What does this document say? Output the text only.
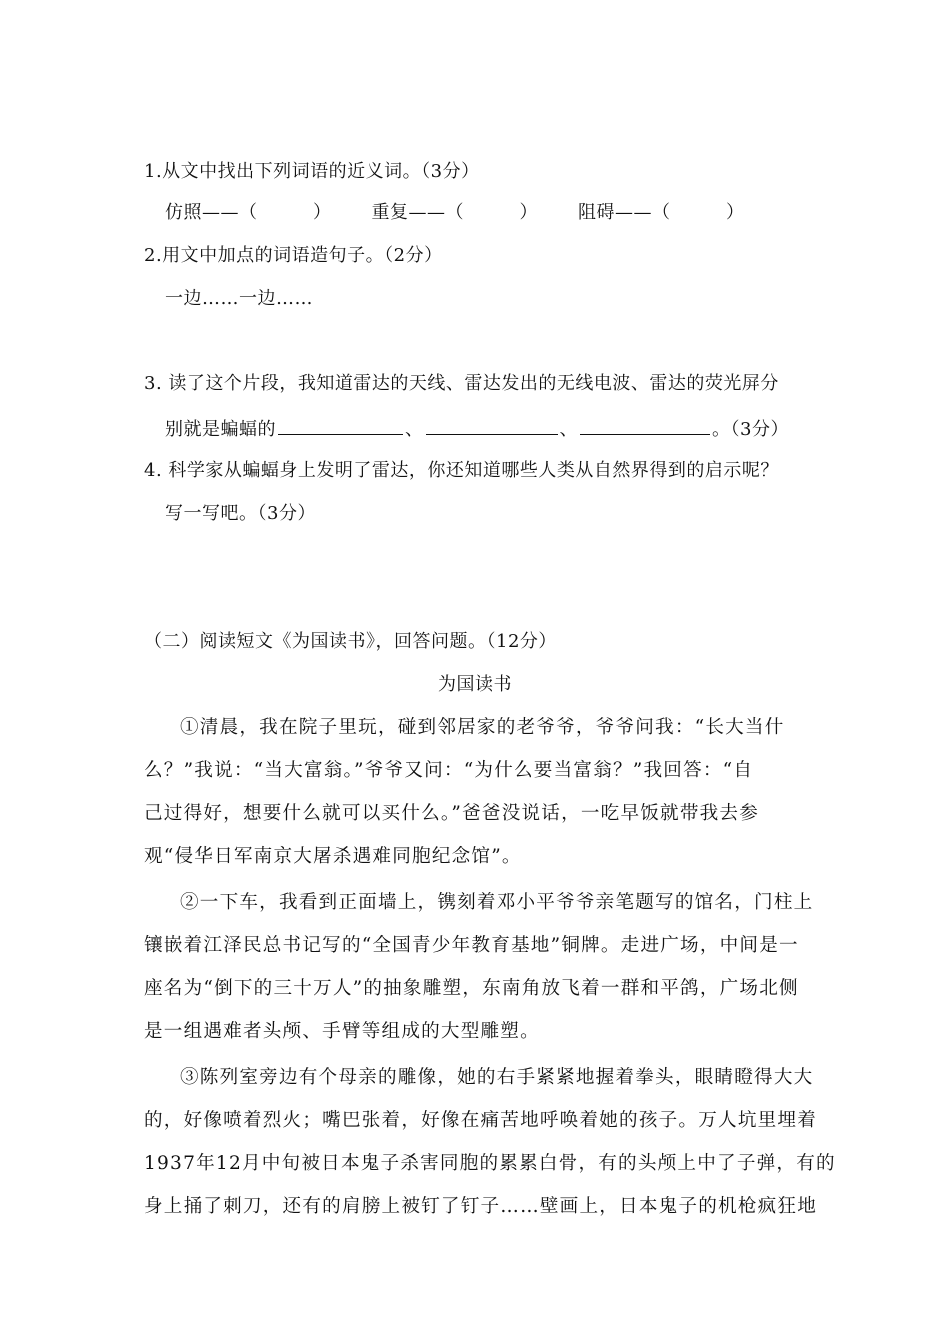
1.从文中找出下列词语的近义词。（3分）
仿照——（　　　） 重复——（　　　） 阻碍——（　　　）
2.用文中加点的词语造句子。（2分）
一边……一边……
3. 读了这个片段，我知道雷达的天线、雷达发出的无线电波、雷达的荧光屏分
别就是蝙蝠的	、	、	。（3分）
4. 科学家从蝙蝠身上发明了雷达，你还知道哪些人类从自然界得到的启示呢？
写一写吧。（3分）
（二）阅读短文《为国读书》，回答问题。（12分）
为国读书
①清晨，我在院子里玩，碰到邻居家的老爷爷，爷爷问我：“长大当什
么？”我说：“当大富翁。”爷爷又问：“为什么要当富翁？”我回答：“自
己过得好，想要什么就可以买什么。”爸爸没说话，一吃早饭就带我去参
观“侵华日军南京大屠杀遇难同胞纪念馆”。
②一下车，我看到正面墙上，镌刻着邓小平爷爷亲笔题写的馆名，门柱上
镶嵌着江泽民总书记写的“全国青少年教育基地”铜牌。走进广场，中间是一
座名为“倒下的三十万人”的抽象雕塑，东南角放飞着一群和平鸽，广场北侧
是一组遇难者头颅、手臂等组成的大型雕塑。
③陈列室旁边有个母亲的雕像，她的右手紧紧地握着拳头，眼睛瞪得大大
的，好像喷着烈火；嘴巴张着，好像在痛苦地呼唤着她的孩子。万人坑里埋着
1937年12月中旬被日本鬼子杀害同胞的累累白骨，有的头颅上中了子弹，有的
身上捅了刺刀，还有的肩膀上被钉了钉子……壁画上，日本鬼子的机枪疯狂地
